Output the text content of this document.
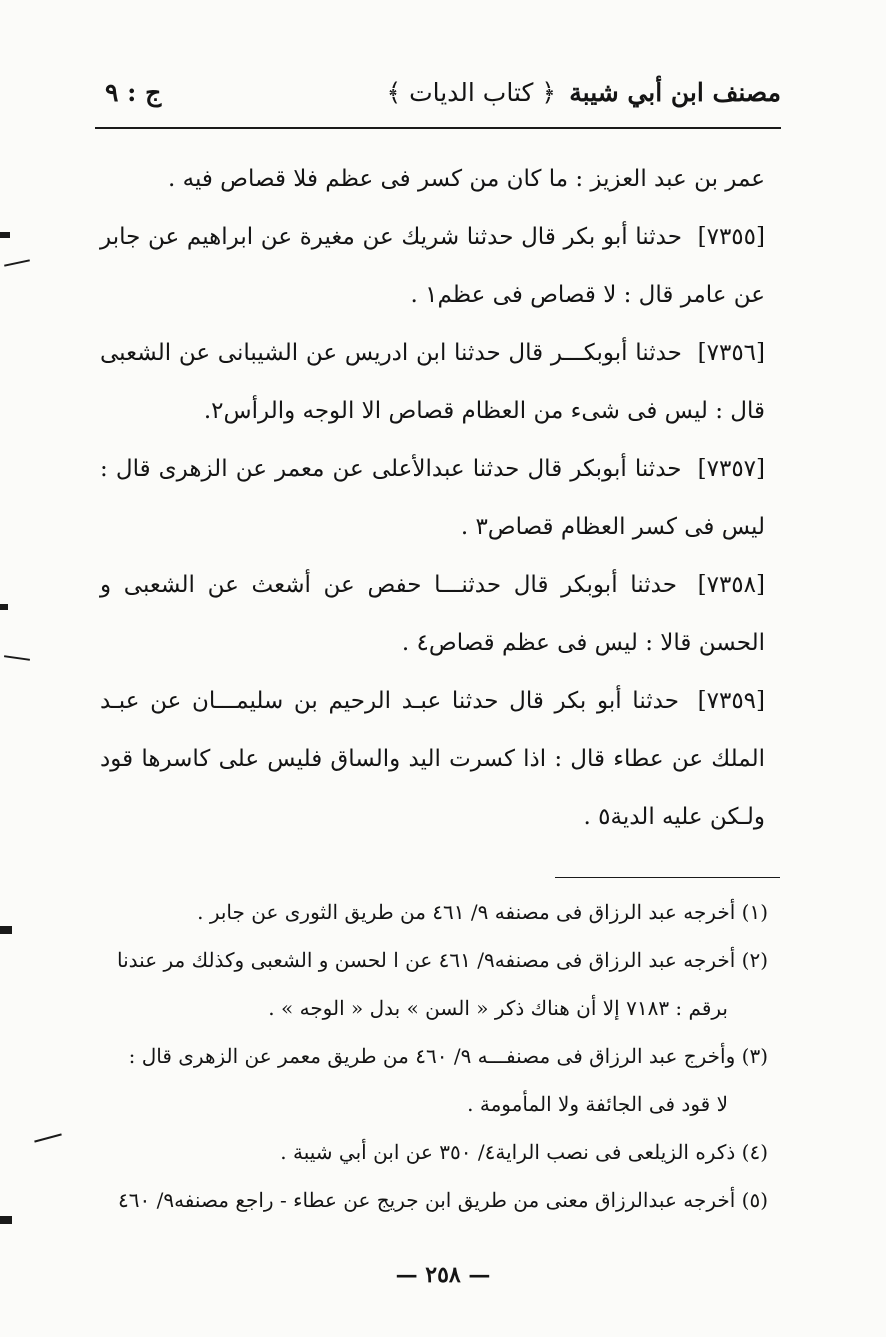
مصنف ابن أبي شيبة
﴿ كتاب الديات ﴾
ج : ٩

عمر بن عبد العزيز : ما كان من كسر فى عظم فلا قصاص فيه .

[٧٣٥٥] حدثنا أبو بكر قال حدثنا شريك عن مغيرة عن ابراهيم عن جابر عن عامر قال : لا قصاص فى عظم١ .

[٧٣٥٦] حدثنا أبوبكـــر قال حدثنا ابن ادريس عن الشيبانى عن الشعبى قال : ليس فى شىء من العظام قصاص الا الوجه والرأس٢.

[٧٣٥٧] حدثنا أبوبكر قال حدثنا عبدالأعلى عن معمر عن الزهرى قال : ليس فى كسر العظام قصاص٣ .

[٧٣٥٨] حدثنا أبوبكر قال حدثنـــا حفص عن أشعث عن الشعبى و الحسن قالا : ليس فى عظم قصاص٤ .

[٧٣٥٩] حدثنا أبو بكر قال حدثنا عبـد الرحيم بن سليمـــان عن عبـد الملك عن عطاء قال : اذا كسرت اليد والساق فليس على كاسرها قود ولـكن عليه الدية٥ .

(١) أخرجه عبد الرزاق فى مصنفه ٩/ ٤٦١ من طريق الثورى عن جابر .

(٢) أخرجه عبد الرزاق فى مصنفه٩/ ٤٦١ عن ا لحسن و الشعبى وكذلك مر عندنا

برقم : ٧١٨٣ إلا أن هناك ذكر « السن » بدل « الوجه » .

(٣) وأخرج عبد الرزاق فى مصنفـــه ٩/ ٤٦٠ من طريق معمر عن الزهرى قال :

لا قود فى الجائفة ولا المأمومة .

(٤) ذكره الزيلعى فى نصب الراية٤/ ٣٥٠ عن ابن أبي شيبة .

(٥) أخرجه عبدالرزاق معنى من طريق ابن جريج عن عطاء - راجع مصنفه٩/ ٤٦٠

— ٢٥٨ —
